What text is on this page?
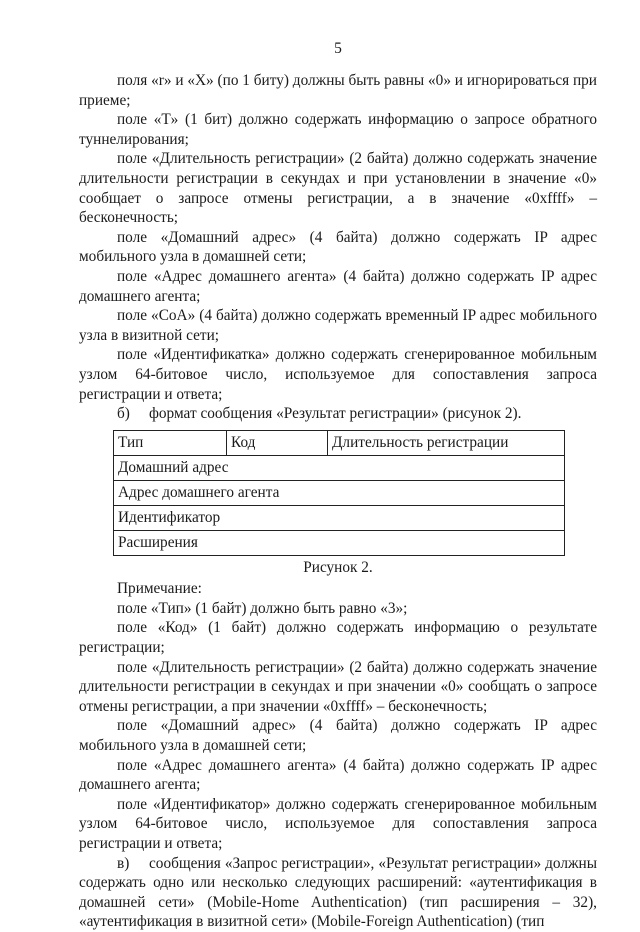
5

поля «r» и «X» (по 1 биту) должны быть равны «0» и игнорироваться при приеме;

поле «T» (1 бит) должно содержать информацию о запросе обратного туннелирования;

поле «Длительность регистрации» (2 байта) должно содержать значение длительности регистрации в секундах и при установлении в значение «0» сообщает о запросе отмены регистрации, а в значение «0xffff» – бесконечность;

поле «Домашний адрес» (4 байта) должно содержать IP адрес мобильного узла в домашней сети;

поле «Адрес домашнего агента» (4 байта) должно содержать IP адрес домашнего агента;

поле «CoA» (4 байта) должно содержать временный IP адрес мобильного узла в визитной сети;

поле «Идентификатка» должно содержать сгенерированное мобильным узлом 64-битовое число, используемое для сопоставления запроса регистрации и ответа;

б)	формат сообщения «Результат регистрации» (рисунок 2).

Тип	Код	Длительность регистрации
Домашний адрес
Адрес домашнего агента
Идентификатор
Расширения

Рисунок 2.

Примечание:

поле «Тип» (1 байт) должно быть равно «3»;

поле «Код» (1 байт) должно содержать информацию о результате регистрации;

поле «Длительность регистрации» (2 байта) должно содержать значение длительности регистрации в секундах и при значении «0» сообщать о запросе отмены регистрации, а при значении «0xffff» – бесконечность;

поле «Домашний адрес» (4 байта) должно содержать IP адрес мобильного узла в домашней сети;

поле «Адрес домашнего агента» (4 байта) должно содержать IP адрес домашнего агента;

поле «Идентификатор» должно содержать сгенерированное мобильным узлом 64-битовое число, используемое для сопоставления запроса регистрации и ответа;

в) сообщения «Запрос регистрации», «Результат регистрации» должны содержать одно или несколько следующих расширений: «аутентификация в домашней сети» (Mobile-Home Authentication) (тип расширения – 32), «аутентификация в визитной сети» (Mobile-Foreign Authentication) (тип
